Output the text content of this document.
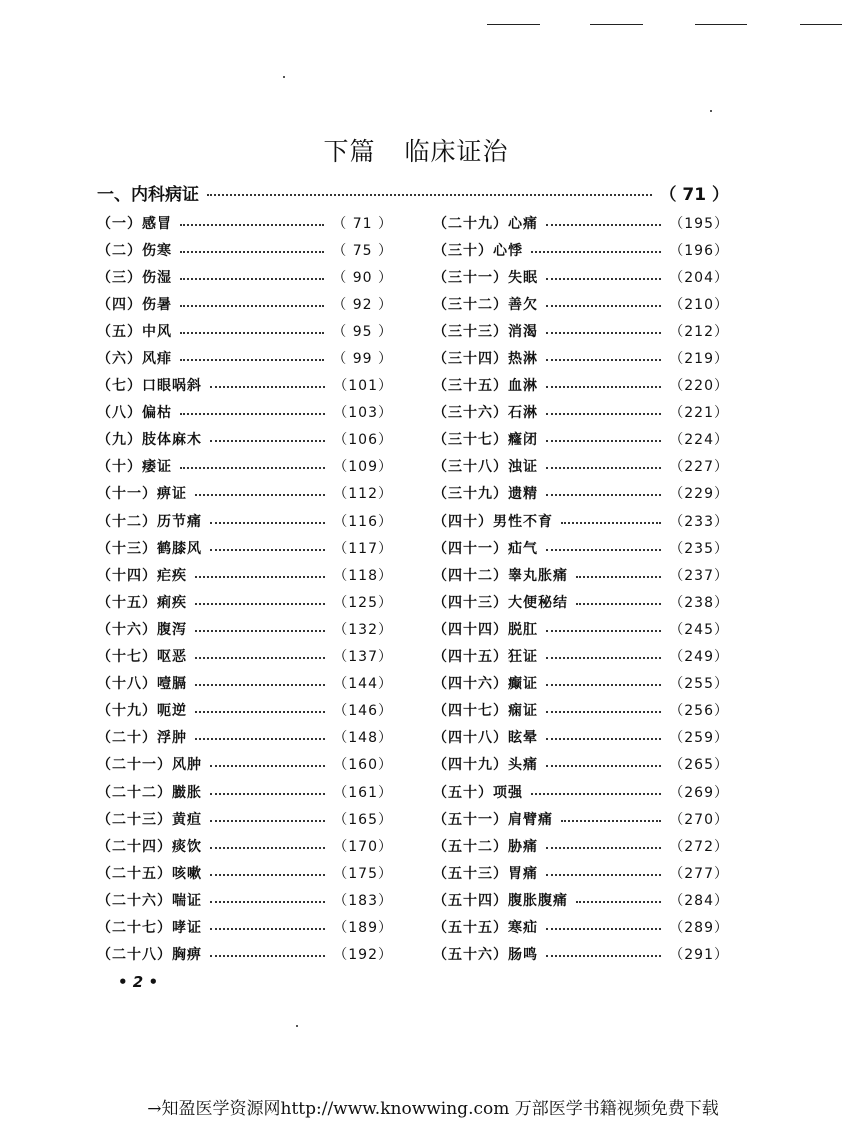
下篇 临床证治
一、内科病证	（ 71 ）
（一）感冒	（ 71 ）
（二）伤寒	（ 75 ）
（三）伤湿	（ 90 ）
（四）伤暑	（ 92 ）
（五）中风	（ 95 ）
（六）风痱	（ 99 ）
（七）口眼㖞斜	（101）
（八）偏枯	（103）
（九）肢体麻木	（106）
（十）痿证	（109）
（十一）痹证	（112）
（十二）历节痛	（116）
（十三）鹤膝风	（117）
（十四）疟疾	（118）
（十五）痢疾	（125）
（十六）腹泻	（132）
（十七）呕恶	（137）
（十八）噎膈	（144）
（十九）呃逆	（146）
（二十）浮肿	（148）
（二十一）风肿	（160）
（二十二）臌胀	（161）
（二十三）黄疸	（165）
（二十四）痰饮	（170）
（二十五）咳嗽	（175）
（二十六）喘证	（183）
（二十七）哮证	（189）
（二十八）胸痹	（192）
（二十九）心痛	（195）
（三十）心悸	（196）
（三十一）失眠	（204）
（三十二）善欠	（210）
（三十三）消渴	（212）
（三十四）热淋	（219）
（三十五）血淋	（220）
（三十六）石淋	（221）
（三十七）癃闭	（224）
（三十八）浊证	（227）
（三十九）遗精	（229）
（四十）男性不育	（233）
（四十一）疝气	（235）
（四十二）睾丸胀痛	（237）
（四十三）大便秘结	（238）
（四十四）脱肛	（245）
（四十五）狂证	（249）
（四十六）癫证	（255）
（四十七）痫证	（256）
（四十八）眩晕	（259）
（四十九）头痛	（265）
（五十）项强	（269）
（五十一）肩臂痛	（270）
（五十二）胁痛	（272）
（五十三）胃痛	（277）
（五十四）腹胀腹痛	（284）
（五十五）寒疝	（289）
（五十六）肠鸣	（291）
• 2 •
→知盈医学资源网http://www.knowwing.com 万部医学书籍视频免费下载
